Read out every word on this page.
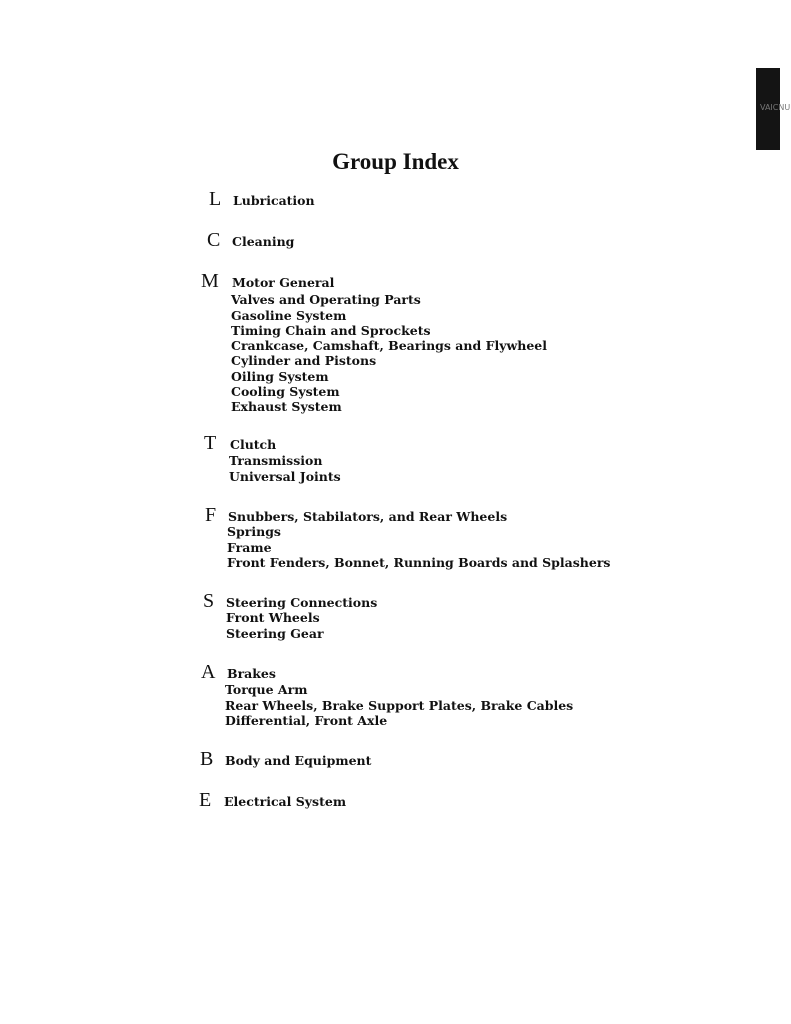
VAICNU
Group Index
L Lubrication
C Cleaning
M Motor General
Valves and Operating Parts
Gasoline System
Timing Chain and Sprockets
Crankcase, Camshaft, Bearings and Flywheel
Cylinder and Pistons
Oiling System
Cooling System
Exhaust System
T Clutch
Transmission
Universal Joints
F Snubbers, Stabilators, and Rear Wheels
Springs
Frame
Front Fenders, Bonnet, Running Boards and Splashers
S Steering Connections
Front Wheels
Steering Gear
A Brakes
Torque Arm
Rear Wheels, Brake Support Plates, Brake Cables
Differential, Front Axle
B Body and Equipment
E Electrical System
